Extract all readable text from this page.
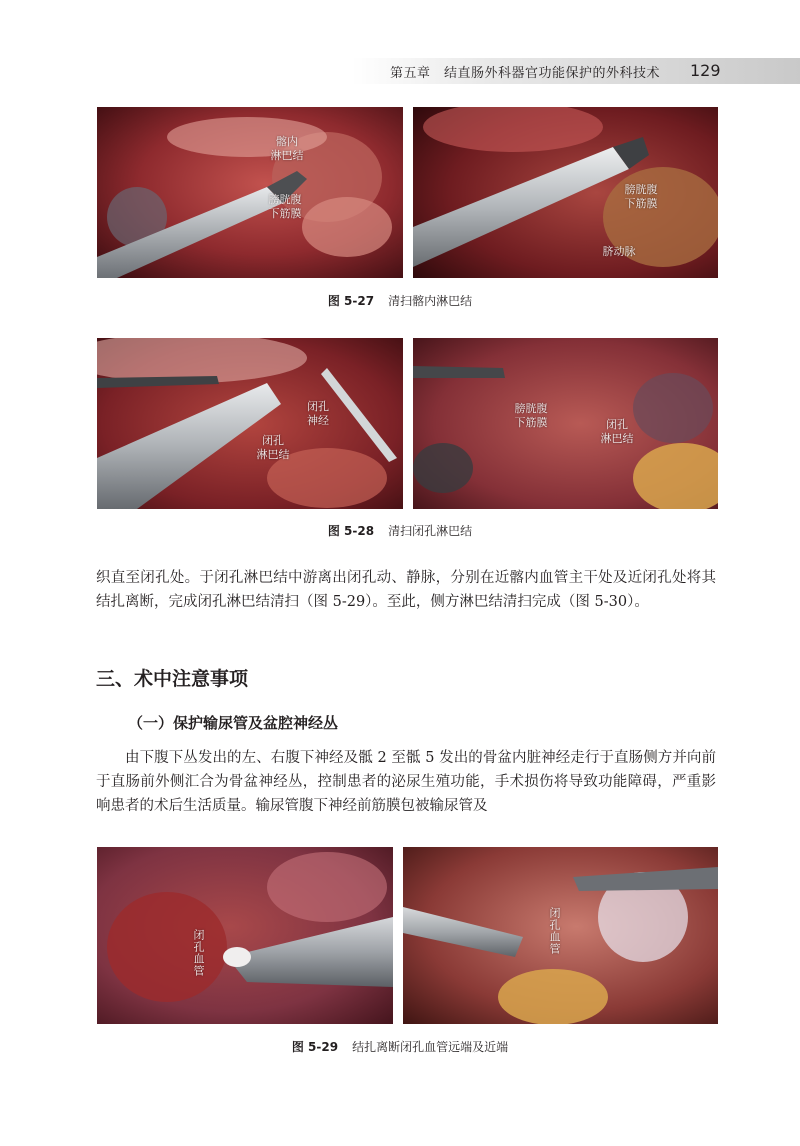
第五章　结直肠外科器官功能保护的外科技术	129
髂内
淋巴结
膀胱腹
下筋膜
膀胱腹
下筋膜
脐动脉
图 5-27 清扫髂内淋巴结
闭孔
神经
闭孔
淋巴结
膀胱腹
下筋膜	闭孔
淋巴结
图 5-28 清扫闭孔淋巴结
织直至闭孔处。于闭孔淋巴结中游离出闭孔动、静脉，分别在近髂内血管主干处及近闭孔处将其结扎离断，完成闭孔淋巴结清扫（图 5-29）。至此，侧方淋巴结清扫完成（图 5-30）。
三、术中注意事项
（一）保护输尿管及盆腔神经丛
由下腹下丛发出的左、右腹下神经及骶 2 至骶 5 发出的骨盆内脏神经走行于直肠侧方并向前于直肠前外侧汇合为骨盆神经丛，控制患者的泌尿生殖功能，手术损伤将导致功能障碍，严重影响患者的术后生活质量。输尿管腹下神经前筋膜包被输尿管及
闭孔血管	闭孔血管
图 5-29 结扎离断闭孔血管远端及近端
